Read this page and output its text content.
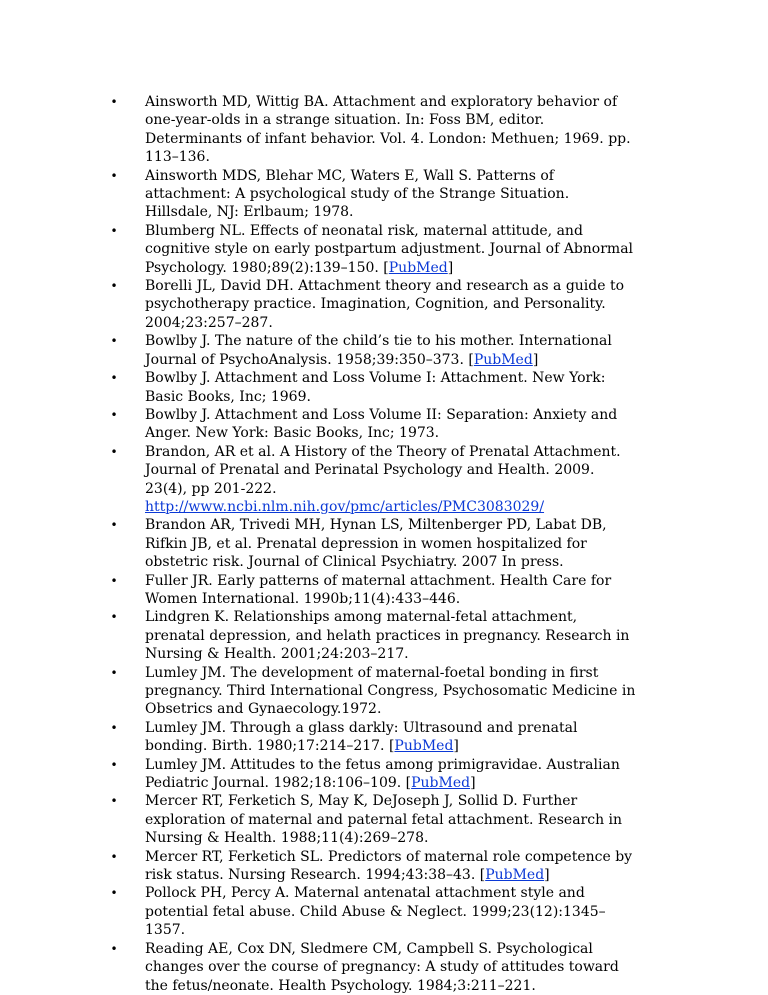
•
Ainsworth MD, Wittig BA. Attachment and exploratory behavior of one-year-olds in a strange situation. In: Foss BM, editor. Determinants of infant behavior. Vol. 4. London: Methuen; 1969. pp. 113–136.
•
Ainsworth MDS, Blehar MC, Waters E, Wall S. Patterns of attachment: A psychological study of the Strange Situation. Hillsdale, NJ: Erlbaum; 1978.
•
Blumberg NL. Effects of neonatal risk, maternal attitude, and cognitive style on early postpartum adjustment. Journal of Abnormal Psychology. 1980;89(2):139–150. [PubMed]
•
Borelli JL, David DH. Attachment theory and research as a guide to psychotherapy practice. Imagination, Cognition, and Personality. 2004;23:257–287.
•
Bowlby J. The nature of the child’s tie to his mother. International Journal of PsychoAnalysis. 1958;39:350–373. [PubMed]
•
Bowlby J. Attachment and Loss Volume I: Attachment. New York: Basic Books, Inc; 1969.
•
Bowlby J. Attachment and Loss Volume II: Separation: Anxiety and Anger. New York: Basic Books, Inc; 1973.
•
Brandon, AR et al. A History of the Theory of Prenatal Attachment. Journal of Prenatal and Perinatal Psychology and Health. 2009. 23(4), pp 201-222. http://www.ncbi.nlm.nih.gov/pmc/articles/PMC3083029/
•
Brandon AR, Trivedi MH, Hynan LS, Miltenberger PD, Labat DB, Rifkin JB, et al. Prenatal depression in women hospitalized for obstetric risk. Journal of Clinical Psychiatry. 2007 In press.
•
Fuller JR. Early patterns of maternal attachment. Health Care for Women International. 1990b;11(4):433–446.
•
Lindgren K. Relationships among maternal-fetal attachment, prenatal depression, and helath practices in pregnancy. Research in Nursing & Health. 2001;24:203–217.
•
Lumley JM. The development of maternal-foetal bonding in first pregnancy. Third International Congress, Psychosomatic Medicine in Obsetrics and Gynaecology.1972.
•
Lumley JM. Through a glass darkly: Ultrasound and prenatal bonding. Birth. 1980;17:214–217. [PubMed]
•
Lumley JM. Attitudes to the fetus among primigravidae. Australian Pediatric Journal. 1982;18:106–109. [PubMed]
•
Mercer RT, Ferketich S, May K, DeJoseph J, Sollid D. Further exploration of maternal and paternal fetal attachment. Research in Nursing & Health. 1988;11(4):269–278.
•
Mercer RT, Ferketich SL. Predictors of maternal role competence by risk status. Nursing Research. 1994;43:38–43. [PubMed]
•
Pollock PH, Percy A. Maternal antenatal attachment style and potential fetal abuse. Child Abuse & Neglect. 1999;23(12):1345–1357.
•
Reading AE, Cox DN, Sledmere CM, Campbell S. Psychological changes over the course of pregnancy: A study of attitudes toward the fetus/neonate. Health Psychology. 1984;3:211–221.
